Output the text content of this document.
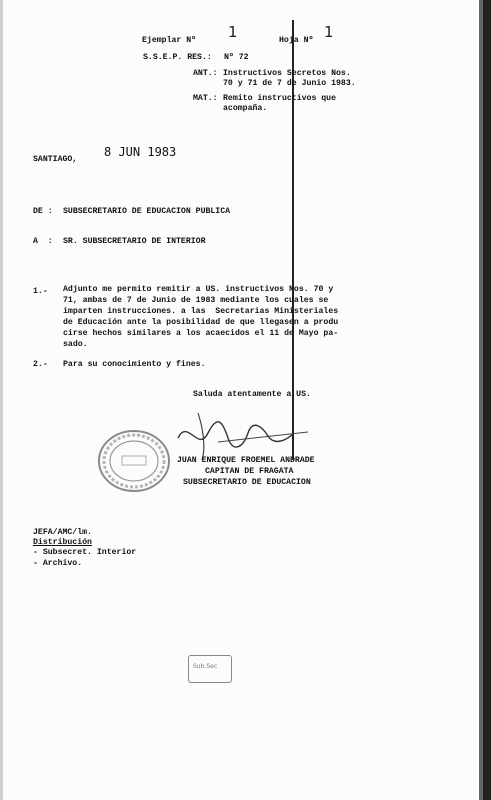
Ejemplar Nº 1	Hoja Nº 1
S.S.E.P. RES.: Nº 72
ANT.: Instructivos Secretos Nos.
70 y 71 de 7 de Junio 1983.
MAT.: Remito instructivos que
acompaña.
SANTIAGO,
8 JUN 1983
DE : SUBSECRETARIO DE EDUCACION PUBLICA
A  : SR. SUBSECRETARIO DE INTERIOR
1.- Adjunto me permito remitir a US. instructivos Nos. 70 y
71, ambas de 7 de Junio de 1983 mediante los cuales se
imparten instrucciones. a las  Secretarias Ministeriales
de Educación ante la posibilidad de que llegasen a produ
cirse hechos similares a los acaecidos el 11 de Mayo pa-
sado.
2.- Para su conocimiento y fines.
Saluda atentamente a US.
JUAN ENRIQUE FROEMEL ANDRADE
CAPITAN DE FRAGATA
SUBSECRETARIO DE EDUCACION
JEFA/AMC/lm.
Distribución
- Subsecret. Interior
- Archivo.
Sub.Sec
